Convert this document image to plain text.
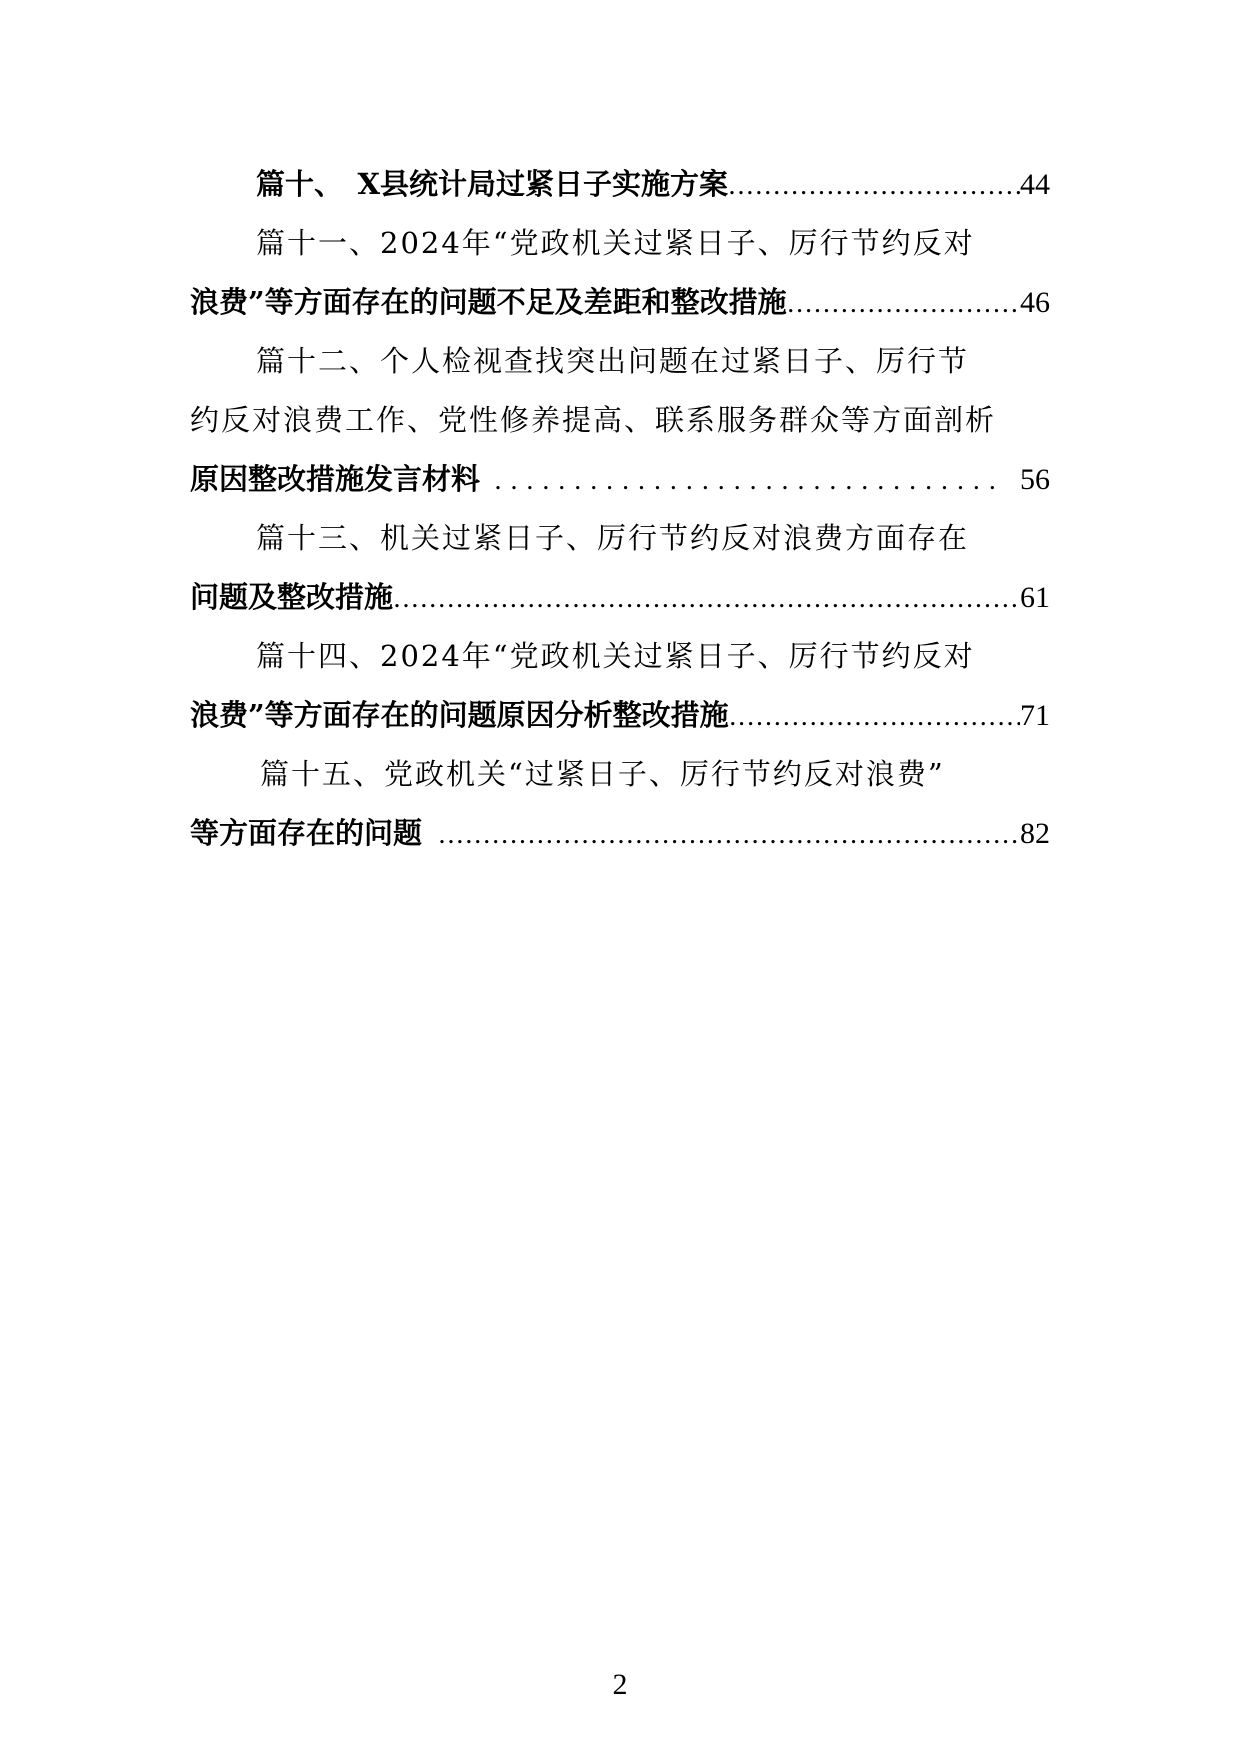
篇十、　X县统计局过紧日子实施方案 .....	44
篇十一、2024年“党政机关过紧日子、厉行节约反对
浪费”等方面存在的问题不足及差距和整改措施 .....	46
篇十二、个人检视查找突出问题在过紧日子、厉行节
约反对浪费工作、党性修养提高、联系服务群众等方面剖析
原因整改措施发言材料 .....	56
篇十三、机关过紧日子、厉行节约反对浪费方面存在
问题及整改措施 .....	61
篇十四、2024年“党政机关过紧日子、厉行节约反对
浪费”等方面存在的问题原因分析整改措施 .....	71
篇十五、党政机关“过紧日子、厉行节约反对浪费”
等方面存在的问题 .....	82
2
